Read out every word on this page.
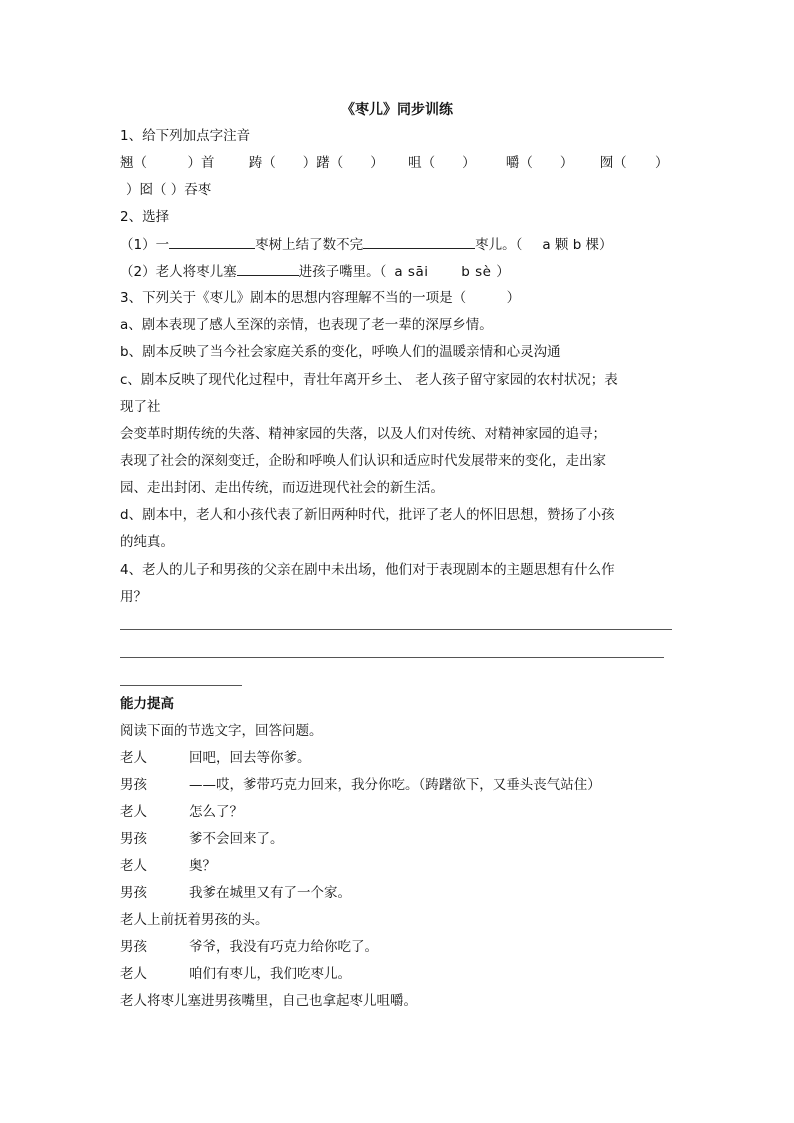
《枣儿》同步训练
1、给下列加点字注音
翘（　　　）首	踌（　　）躇（　　） 咀（　　） 嚼（　　） 囫（ ）
）囵（ ）吞枣
2、选择
（1）一	枣树上结了数不完	枣儿。（ a 颗 b 棵）
（2）老人将枣儿塞	进孩子嘴里。（ a sāi　　 b sè ）
3、下列关于《枣儿》剧本的思想内容理解不当的一项是（　　　）
a、剧本表现了感人至深的亲情，也表现了老一辈的深厚乡情。
b、剧本反映了当今社会家庭关系的变化，呼唤人们的温暖亲情和心灵沟通
c、剧本反映了现代化过程中，青壮年离开乡土、 老人孩子留守家园的农村状况；表
现了社
会变革时期传统的失落、精神家园的失落，以及人们对传统、对精神家园的追寻；
表现了社会的深刻变迁，企盼和呼唤人们认识和适应时代发展带来的变化，走出家
园、走出封闭、走出传统，而迈进现代社会的新生活。
d、剧本中，老人和小孩代表了新旧两种时代，批评了老人的怀旧思想，赞扬了小孩
的纯真。
4、老人的儿子和男孩的父亲在剧中未出场，他们对于表现剧本的主题思想有什么作
用？
能力提高
阅读下面的节选文字，回答问题。
老人	回吧，回去等你爹。
男孩	——哎，爹带巧克力回来，我分你吃。（踌躇欲下，又垂头丧气站住）
老人	怎么了？
男孩	爹不会回来了。
老人	奥？
男孩	我爹在城里又有了一个家。
老人上前抚着男孩的头。
男孩	爷爷，我没有巧克力给你吃了。
老人	咱们有枣儿，我们吃枣儿。
老人将枣儿塞进男孩嘴里，自己也拿起枣儿咀嚼。
